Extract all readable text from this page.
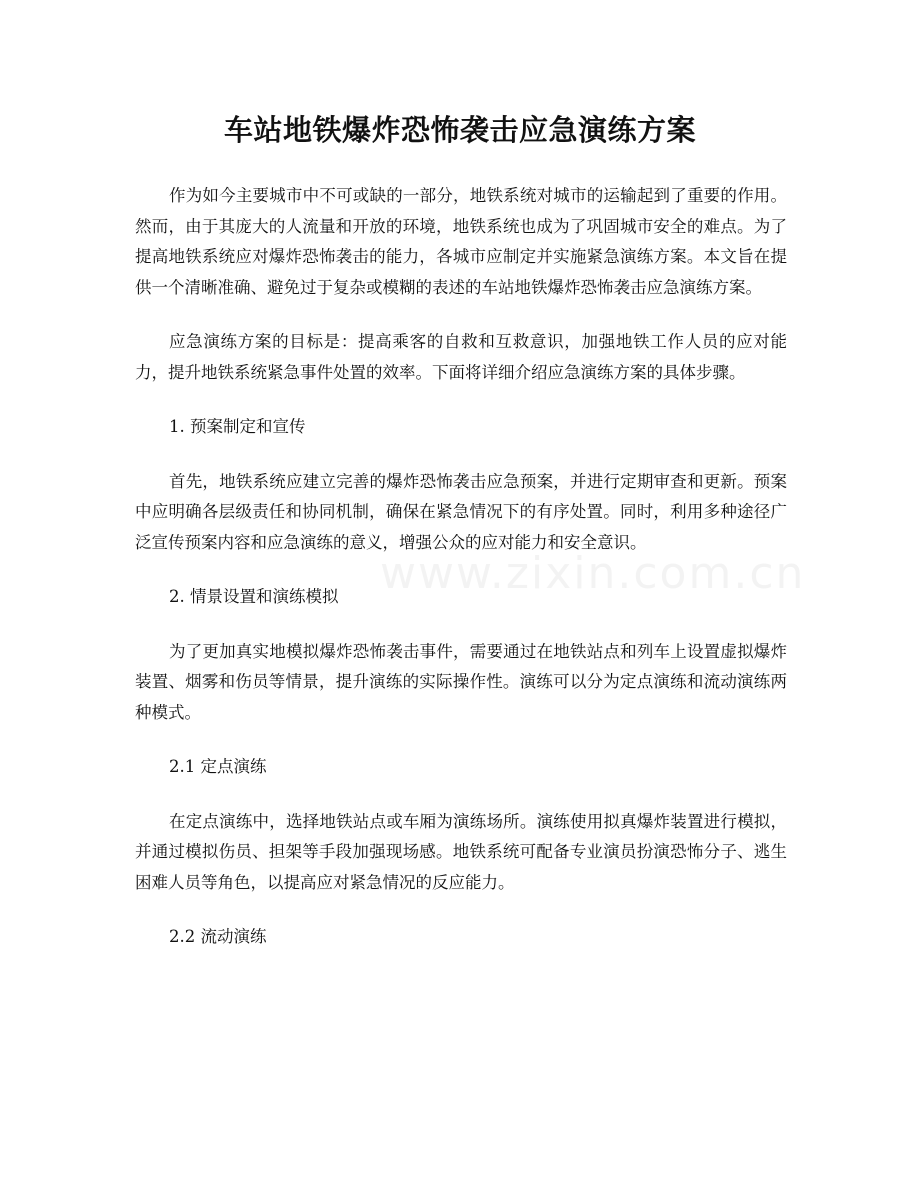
车站地铁爆炸恐怖袭击应急演练方案
www.zixin.com.cn

作为如今主要城市中不可或缺的一部分，地铁系统对城市的运输起到了重要的作用。然而，由于其庞大的人流量和开放的环境，地铁系统也成为了巩固城市安全的难点。为了提高地铁系统应对爆炸恐怖袭击的能力，各城市应制定并实施紧急演练方案。本文旨在提供一个清晰准确、避免过于复杂或模糊的表述的车站地铁爆炸恐怖袭击应急演练方案。

应急演练方案的目标是：提高乘客的自救和互救意识，加强地铁工作人员的应对能力，提升地铁系统紧急事件处置的效率。下面将详细介绍应急演练方案的具体步骤。

1. 预案制定和宣传

首先，地铁系统应建立完善的爆炸恐怖袭击应急预案，并进行定期审查和更新。预案中应明确各层级责任和协同机制，确保在紧急情况下的有序处置。同时，利用多种途径广泛宣传预案内容和应急演练的意义，增强公众的应对能力和安全意识。

2. 情景设置和演练模拟

为了更加真实地模拟爆炸恐怖袭击事件，需要通过在地铁站点和列车上设置虚拟爆炸装置、烟雾和伤员等情景，提升演练的实际操作性。演练可以分为定点演练和流动演练两种模式。

2.1 定点演练

在定点演练中，选择地铁站点或车厢为演练场所。演练使用拟真爆炸装置进行模拟，并通过模拟伤员、担架等手段加强现场感。地铁系统可配备专业演员扮演恐怖分子、逃生困难人员等角色，以提高应对紧急情况的反应能力。

2.2 流动演练
